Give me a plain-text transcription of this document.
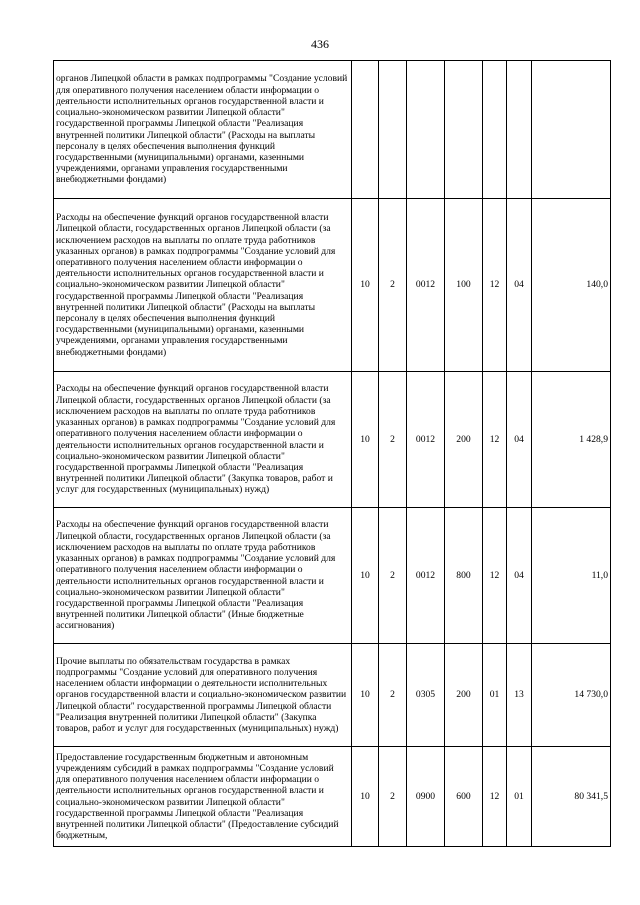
436
органов Липецкой области в рамках подпрограммы "Создание условий для оперативного получения населением области информации о деятельности исполнительных органов государственной власти и социально-экономическом развитии Липецкой области" государственной программы Липецкой области "Реализация внутренней политики Липецкой области" (Расходы на выплаты персоналу в целях обеспечения выполнения функций государственными (муниципальными) органами, казенными учреждениями, органами управления государственными внебюджетными фондами)							
Расходы на обеспечение функций органов государственной власти Липецкой области, государственных органов Липецкой области (за исключением расходов на выплаты по оплате труда работников указанных органов) в рамках подпрограммы "Создание условий для оперативного получения населением области информации о деятельности исполнительных органов государственной власти и социально-экономическом развитии Липецкой области" государственной программы Липецкой области "Реализация внутренней политики Липецкой области" (Расходы на выплаты персоналу в целях обеспечения выполнения функций государственными (муниципальными) органами, казенными учреждениями, органами управления государственными внебюджетными фондами)	10	2	0012	100	12	04	140,0
Расходы на обеспечение функций органов государственной власти Липецкой области, государственных органов Липецкой области (за исключением расходов на выплаты по оплате труда работников указанных органов) в рамках подпрограммы "Создание условий для оперативного получения населением области информации о деятельности исполнительных органов государственной власти и социально-экономическом развитии Липецкой области" государственной программы Липецкой области "Реализация внутренней политики Липецкой области" (Закупка товаров, работ и услуг для государственных (муниципальных) нужд)	10	2	0012	200	12	04	1 428,9
Расходы на обеспечение функций органов государственной власти Липецкой области, государственных органов Липецкой области (за исключением расходов на выплаты по оплате труда работников указанных органов) в рамках подпрограммы "Создание условий для оперативного получения населением области информации о деятельности исполнительных органов государственной власти и социально-экономическом развитии Липецкой области" государственной программы Липецкой области "Реализация внутренней политики Липецкой области" (Иные бюджетные ассигнования)	10	2	0012	800	12	04	11,0
Прочие выплаты по обязательствам государства в рамках подпрограммы "Создание условий для оперативного получения населением области информации о деятельности исполнительных органов государственной власти и социально-экономическом развитии Липецкой области" государственной программы Липецкой области "Реализация внутренней политики Липецкой области" (Закупка товаров, работ и услуг для государственных (муниципальных) нужд)	10	2	0305	200	01	13	14 730,0
Предоставление государственным бюджетным и автономным учреждениям субсидий в рамках подпрограммы "Создание условий для оперативного получения населением области информации о деятельности исполнительных органов государственной власти и социально-экономическом развитии Липецкой области" государственной программы Липецкой области "Реализация внутренней политики Липецкой области" (Предоставление субсидий бюджетным,	10	2	0900	600	12	01	80 341,5
